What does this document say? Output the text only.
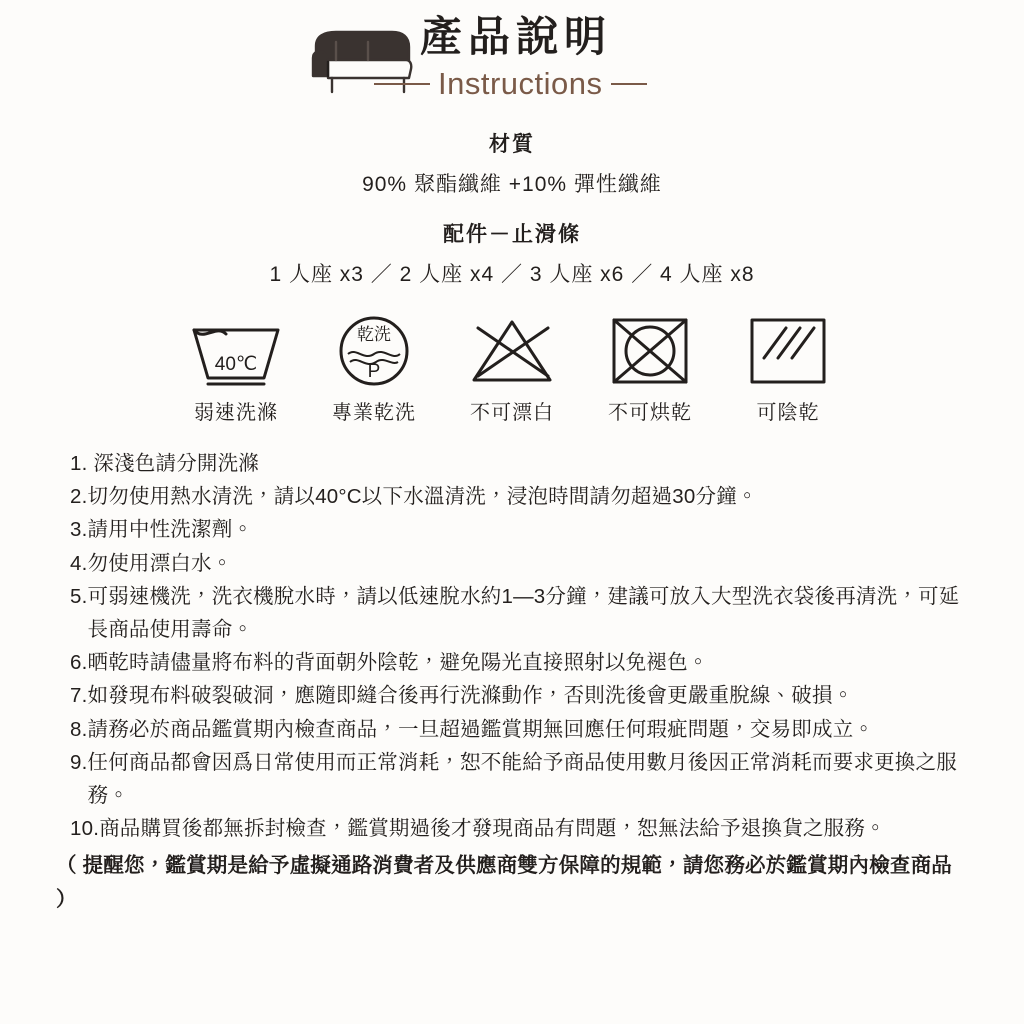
產品說明
Instructions
材質
90% 聚酯纖維 +10% 彈性纖維
配件－止滑條
1 人座 x3 ／ 2 人座 x4 ／ 3 人座 x6 ／ 4 人座 x8
40℃
弱速洗滌
乾洗
P
專業乾洗	不可漂白	不可烘乾	可陰乾
1. 深淺色請分開洗滌
2. 切勿使用熱水清洗，請以40°C以下水溫清洗，浸泡時間請勿超過30分鐘。
3. 請用中性洗潔劑。
4. 勿使用漂白水。
5. 可弱速機洗，洗衣機脫水時，請以低速脫水約1—3分鐘，建議可放入大型洗衣袋後再清洗，可延長商品使用壽命。
6. 晒乾時請儘量將布料的背面朝外陰乾，避免陽光直接照射以免褪色。
7. 如發現布料破裂破洞，應隨即縫合後再行洗滌動作，否則洗後會更嚴重脫線、破損。
8. 請務必於商品鑑賞期內檢查商品，一旦超過鑑賞期無回應任何瑕疵問題，交易即成立。
9. 任何商品都會因爲日常使用而正常消耗，恕不能給予商品使用數月後因正常消耗而要求更換之服務。
10. 商品購買後都無拆封檢查，鑑賞期過後才發現商品有問題，恕無法給予退換貨之服務。
（ 提醒您，鑑賞期是給予虛擬通路消費者及供應商雙方保障的規範，請您務必於鑑賞期內檢查商品 ）
